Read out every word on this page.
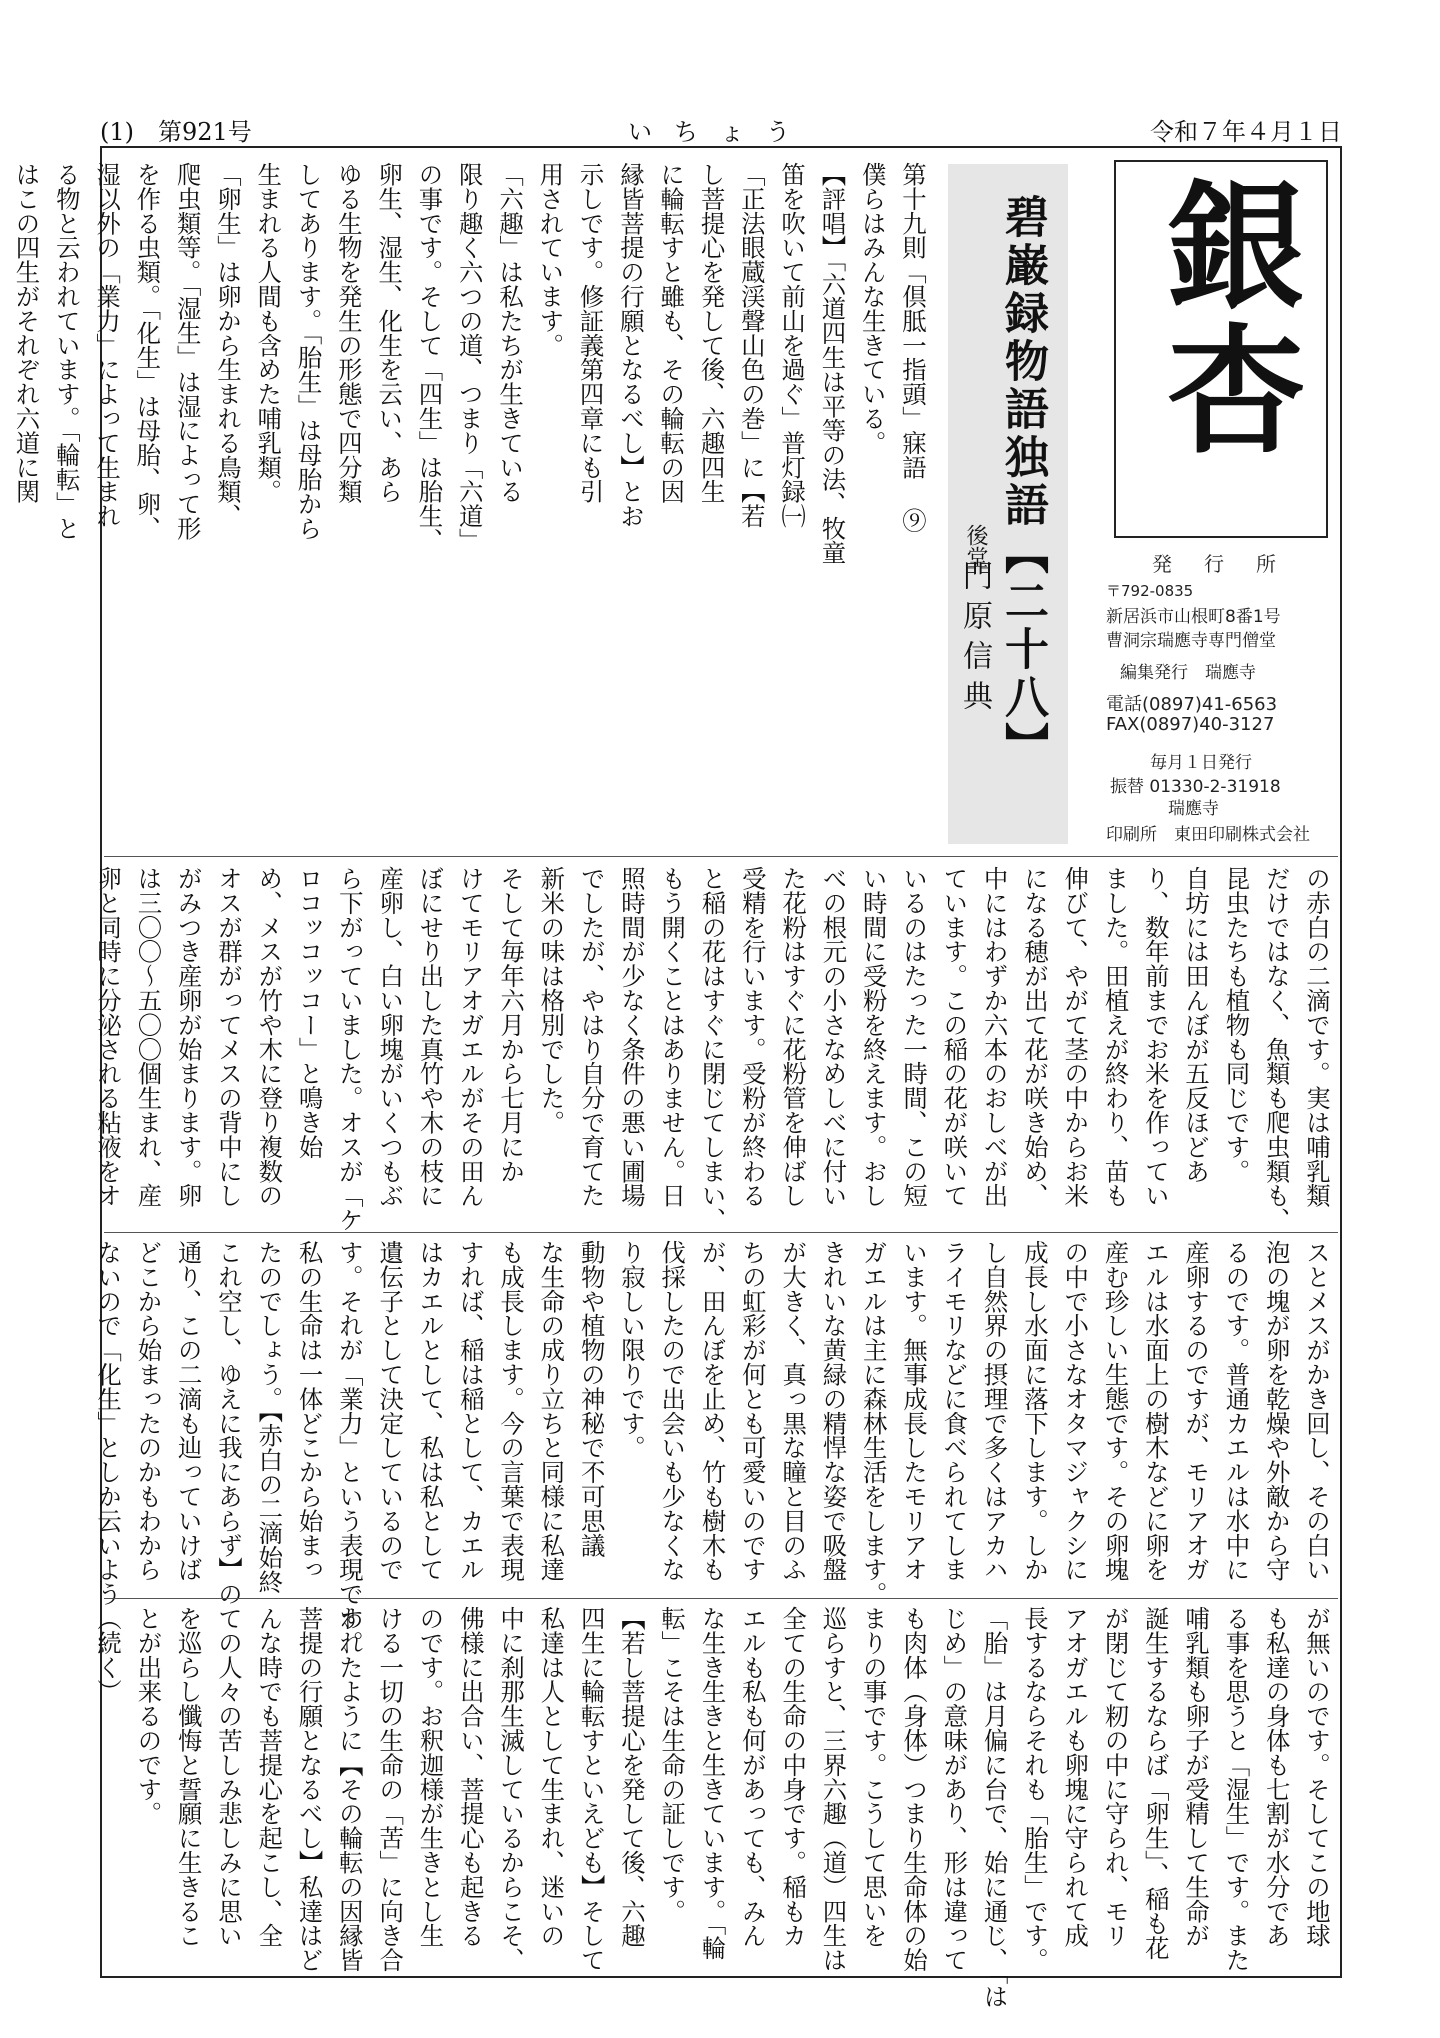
(1)　第921号	いちょう	令和７年４月１日
銀杏
発　行　所
〒792-0835
新居浜市山根町8番1号
曹洞宗瑞應寺専門僧堂
編集発行　瑞應寺
電話(0897)41-6563
FAX(0897)40-3127
毎月１日発行
振替 01330-2-31918
瑞應寺
印刷所　東田印刷株式会社
碧巌録物語独語【二十八】
後堂
門原信典
第十九則「倶胝一指頭」寐語 ⑨
僕らはみんな生きている。
【評唱】「六道四生は平等の法、牧童
笛を吹いて前山を過ぐ」普灯録㈠
「正法眼蔵渓聲山色の巻」に【若
し菩提心を発して後、六趣四生
に輪転すと雖も、その輪転の因
縁皆菩提の行願となるべし】とお
示しです。修証義第四章にも引
用されています。
「六趣」は私たちが生きている
限り趣く六つの道、つまり「六道」
の事です。そして「四生」は胎生、
卵生、湿生、化生を云い、あら
ゆる生物を発生の形態で四分類
してあります。「胎生」は母胎から
生まれる人間も含めた哺乳類。
「卵生」は卵から生まれる鳥類、
爬虫類等。「湿生」は湿によって形
を作る虫類。「化生」は母胎、卵、
湿以外の「業力」によって生まれ
る物と云われています。「輪転」と
はこの四生がそれぞれ六道に関
の赤白の二滴です。実は哺乳類
だけではなく、魚類も爬虫類も、
昆虫たちも植物も同じです。
自坊には田んぼが五反ほどあ
り、数年前までお米を作ってい
ました。田植えが終わり、苗も
伸びて、やがて茎の中からお米
になる穂が出て花が咲き始め、
中にはわずか六本のおしべが出
ています。この稲の花が咲いて
いるのはたった一時間、この短
い時間に受粉を終えます。おし
べの根元の小さなめしべに付い
た花粉はすぐに花粉管を伸ばし
受精を行います。受粉が終わる
と稲の花はすぐに閉じてしまい、
もう開くことはありません。日
照時間が少なく条件の悪い圃場
でしたが、やはり自分で育てた
新米の味は格別でした。
そして毎年六月から七月にか
けてモリアオガエルがその田ん
ぼにせり出した真竹や木の枝に
産卵し、白い卵塊がいくつもぶ
ら下がっていました。オスが「ケ
ロコッコッコー」と鳴き始
め、メスが竹や木に登り複数の
オスが群がってメスの背中にし
がみつき産卵が始まります。卵
は三〇〇～五〇〇個生まれ、産
卵と同時に分泌される粘液をオ
スとメスがかき回し、その白い
泡の塊が卵を乾燥や外敵から守
るのです。普通カエルは水中に
産卵するのですが、モリアオガ
エルは水面上の樹木などに卵を
産む珍しい生態です。その卵塊
の中で小さなオタマジャクシに
成長し水面に落下します。しか
し自然界の摂理で多くはアカハ
ライモリなどに食べられてしま
います。無事成長したモリアオ
ガエルは主に森林生活をします。
きれいな黄緑の精悍な姿で吸盤
が大きく、真っ黒な瞳と目のふ
ちの虹彩が何とも可愛いのです
が、田んぼを止め、竹も樹木も
伐採したので出会いも少なくな
り寂しい限りです。
動物や植物の神秘で不可思議
な生命の成り立ちと同様に私達
も成長します。今の言葉で表現
すれば、稲は稲として、カエル
はカエルとして、私は私として
遺伝子として決定しているので
す。それが「業力」という表現です。
私の生命は一体どこから始まっ
たのでしょう。【赤白の二滴始終
これ空し、ゆえに我にあらず】の
通り、この二滴も辿っていけば
どこから始まったのかもわから
ないので「化生」としか云いよう
が無いのです。そしてこの地球
も私達の身体も七割が水分であ
る事を思うと「湿生」です。また
哺乳類も卵子が受精して生命が
誕生するならば「卵生」、稲も花
が閉じて籾の中に守られ、モリ
アオガエルも卵塊に守られて成
長するならそれも「胎生」です。
「胎」は月偏に台で、始に通じ、「は
じめ」の意味があり、形は違って
も肉体（身体）つまり生命体の始
まりの事です。こうして思いを
巡らすと、三界六趣（道）四生は
全ての生命の中身です。稲もカ
エルも私も何があっても、みん
な生き生きと生きています。「輪
転」こそは生命の証しです。
【若し菩提心を発して後、六趣
四生に輪転すといえども】そして
私達は人として生まれ、迷いの
中に刹那生滅しているからこそ、
佛様に出合い、菩提心も起きる
のです。お釈迦様が生きとし生
ける一切の生命の「苦」に向き合
われたように【その輪転の因縁皆
菩提の行願となるべし】私達はど
んな時でも菩提心を起こし、全
ての人々の苦しみ悲しみに思い
を巡らし懺悔と誓願に生きるこ
とが出来るのです。
（続く）
